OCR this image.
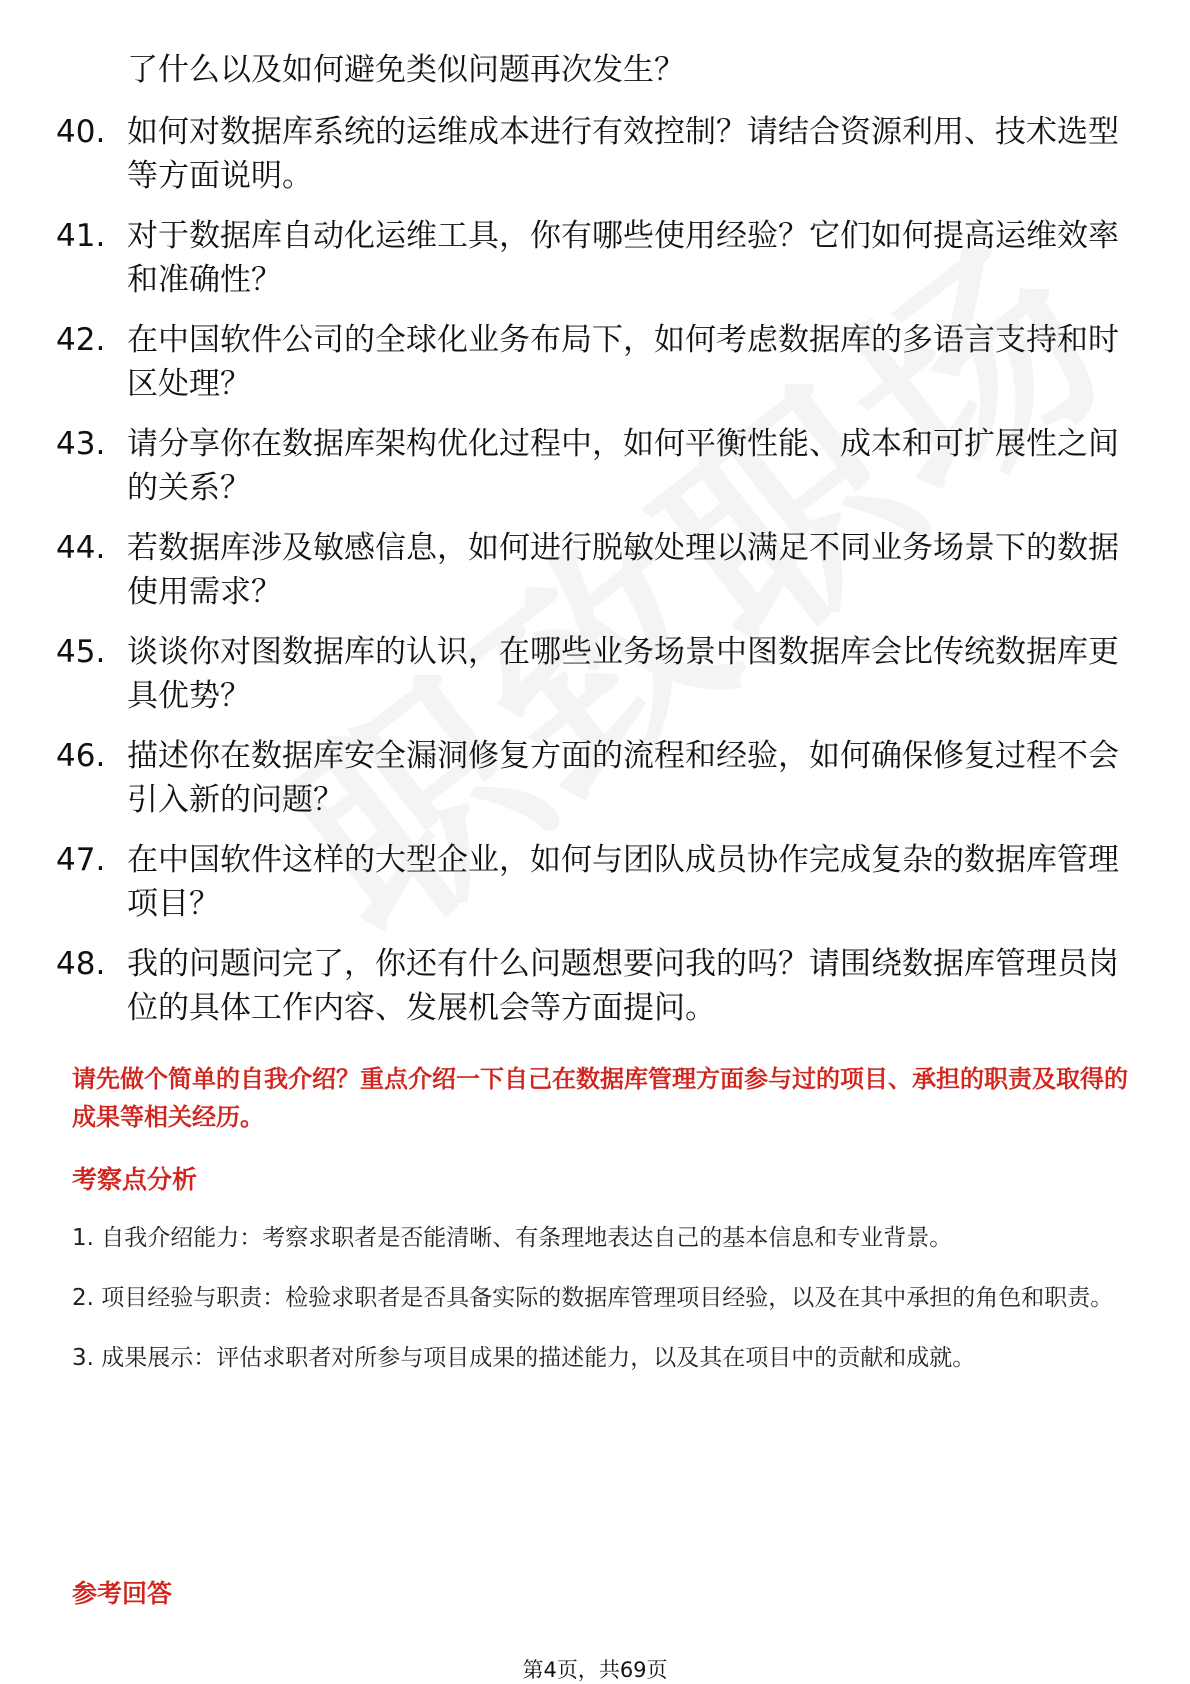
了什么以及如何避免类似问题再次发生？
40. 如何对数据库系统的运维成本进行有效控制？请结合资源利用、技术选型等方面说明。
41. 对于数据库自动化运维工具，你有哪些使用经验？它们如何提高运维效率和准确性？
42. 在中国软件公司的全球化业务布局下，如何考虑数据库的多语言支持和时区处理？
43. 请分享你在数据库架构优化过程中，如何平衡性能、成本和可扩展性之间的关系？
44. 若数据库涉及敏感信息，如何进行脱敏处理以满足不同业务场景下的数据使用需求？
45. 谈谈你对图数据库的认识，在哪些业务场景中图数据库会比传统数据库更具优势？
46. 描述你在数据库安全漏洞修复方面的流程和经验，如何确保修复过程不会引入新的问题？
47. 在中国软件这样的大型企业，如何与团队成员协作完成复杂的数据库管理项目？
48. 我的问题问完了，你还有什么问题想要问我的吗？请围绕数据库管理员岗位的具体工作内容、发展机会等方面提问。
请先做个简单的自我介绍？重点介绍一下自己在数据库管理方面参与过的项目、承担的职责及取得的成果等相关经历。
考察点分析

1. 自我介绍能力：考察求职者是否能清晰、有条理地表达自己的基本信息和专业背景。

2. 项目经验与职责：检验求职者是否具备实际的数据库管理项目经验，以及在其中承担的角色和职责。

3. 成果展示：评估求职者对所参与项目成果的描述能力，以及其在项目中的贡献和成就。

参考回答
第4页，共69页
